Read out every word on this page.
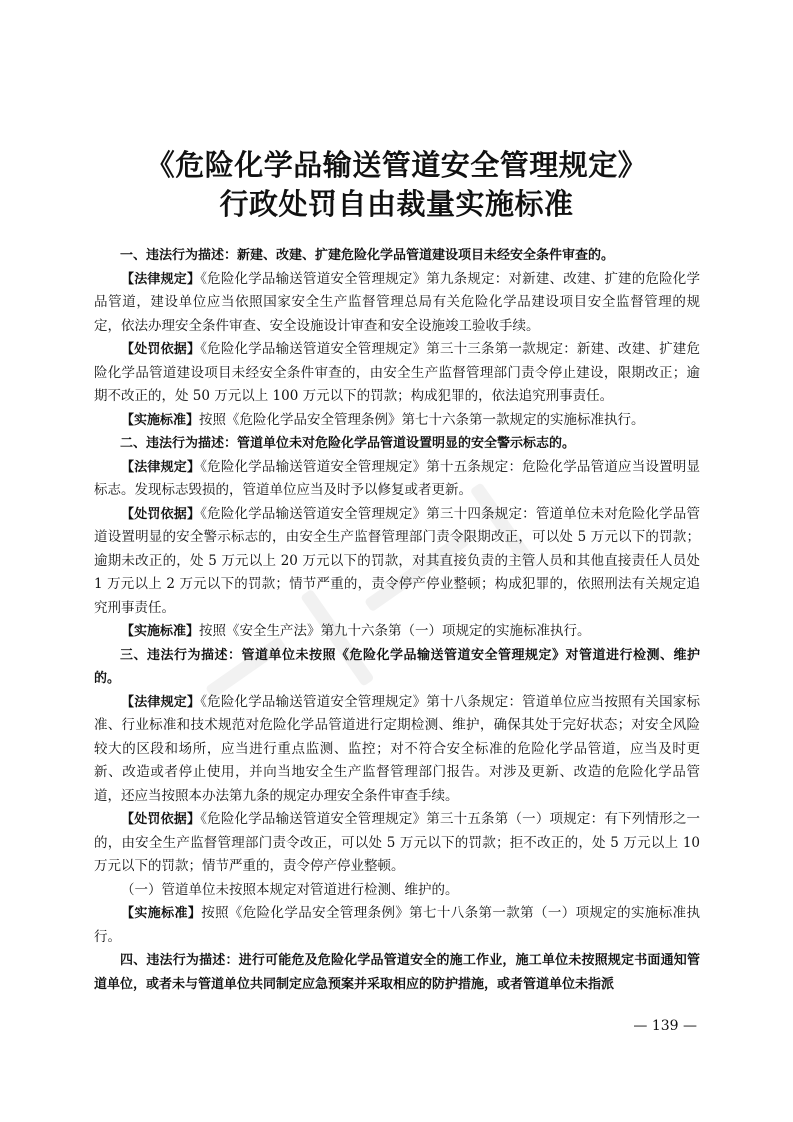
《危险化学品输送管道安全管理规定》
行政处罚自由裁量实施标准

一、违法行为描述：新建、改建、扩建危险化学品管道建设项目未经安全条件审查的。

【法律规定】《危险化学品输送管道安全管理规定》第九条规定：对新建、改建、扩建的危险化学品管道，建设单位应当依照国家安全生产监督管理总局有关危险化学品建设项目安全监督管理的规定，依法办理安全条件审查、安全设施设计审查和安全设施竣工验收手续。

【处罚依据】《危险化学品输送管道安全管理规定》第三十三条第一款规定：新建、改建、扩建危险化学品管道建设项目未经安全条件审查的，由安全生产监督管理部门责令停止建设，限期改正；逾期不改正的，处 50 万元以上 100 万元以下的罚款；构成犯罪的，依法追究刑事责任。

【实施标准】按照《危险化学品安全管理条例》第七十六条第一款规定的实施标准执行。

二、违法行为描述：管道单位未对危险化学品管道设置明显的安全警示标志的。

【法律规定】《危险化学品输送管道安全管理规定》第十五条规定：危险化学品管道应当设置明显标志。发现标志毁损的，管道单位应当及时予以修复或者更新。

【处罚依据】《危险化学品输送管道安全管理规定》第三十四条规定：管道单位未对危险化学品管道设置明显的安全警示标志的，由安全生产监督管理部门责令限期改正，可以处 5 万元以下的罚款；逾期未改正的，处 5 万元以上 20 万元以下的罚款，对其直接负责的主管人员和其他直接责任人员处 1 万元以上 2 万元以下的罚款；情节严重的，责令停产停业整顿；构成犯罪的，依照刑法有关规定追究刑事责任。

【实施标准】按照《安全生产法》第九十六条第（一）项规定的实施标准执行。

三、违法行为描述：管道单位未按照《危险化学品输送管道安全管理规定》对管道进行检测、维护的。

【法律规定】《危险化学品输送管道安全管理规定》第十八条规定：管道单位应当按照有关国家标准、行业标准和技术规范对危险化学品管道进行定期检测、维护，确保其处于完好状态；对安全风险较大的区段和场所，应当进行重点监测、监控；对不符合安全标准的危险化学品管道，应当及时更新、改造或者停止使用，并向当地安全生产监督管理部门报告。对涉及更新、改造的危险化学品管道，还应当按照本办法第九条的规定办理安全条件审查手续。

【处罚依据】《危险化学品输送管道安全管理规定》第三十五条第（一）项规定：有下列情形之一的，由安全生产监督管理部门责令改正，可以处 5 万元以下的罚款；拒不改正的，处 5 万元以上 10 万元以下的罚款；情节严重的，责令停产停业整顿。

（一）管道单位未按照本规定对管道进行检测、维护的。

【实施标准】按照《危险化学品安全管理条例》第七十八条第一款第（一）项规定的实施标准执行。

四、违法行为描述：进行可能危及危险化学品管道安全的施工作业，施工单位未按照规定书面通知管道单位，或者未与管道单位共同制定应急预案并采取相应的防护措施，或者管道单位未指派

— 139 —
